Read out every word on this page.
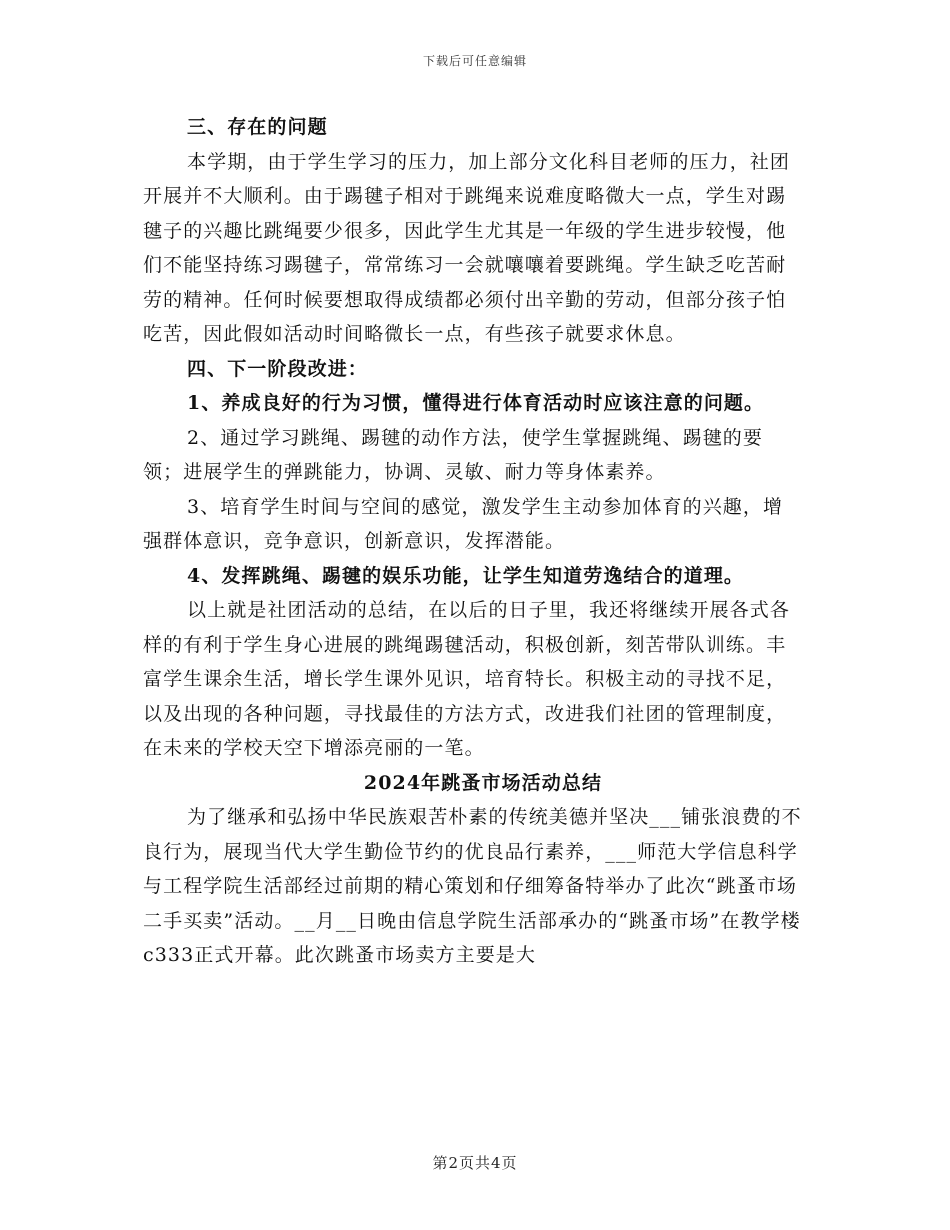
下载后可任意编辑

三、存在的问题

本学期，由于学生学习的压力，加上部分文化科目老师的压力，社团开展并不大顺利。由于踢毽子相对于跳绳来说难度略微大一点，学生对踢毽子的兴趣比跳绳要少很多，因此学生尤其是一年级的学生进步较慢，他们不能坚持练习踢毽子，常常练习一会就嚷嚷着要跳绳。学生缺乏吃苦耐劳的精神。任何时候要想取得成绩都必须付出辛勤的劳动，但部分孩子怕吃苦，因此假如活动时间略微长一点，有些孩子就要求休息。

四、下一阶段改进：

1、养成良好的行为习惯，懂得进行体育活动时应该注意的问题。

2、通过学习跳绳、踢毽的动作方法，使学生掌握跳绳、踢毽的要领；进展学生的弹跳能力，协调、灵敏、耐力等身体素养。

3、培育学生时间与空间的感觉，激发学生主动参加体育的兴趣，增强群体意识，竞争意识，创新意识，发挥潜能。

4、发挥跳绳、踢毽的娱乐功能，让学生知道劳逸结合的道理。

以上就是社团活动的总结，在以后的日子里，我还将继续开展各式各样的有利于学生身心进展的跳绳踢毽活动，积极创新，刻苦带队训练。丰富学生课余生活，增长学生课外见识，培育特长。积极主动的寻找不足，以及出现的各种问题，寻找最佳的方法方式，改进我们社团的管理制度，在未来的学校天空下增添亮丽的一笔。

2024年跳蚤市场活动总结

为了继承和弘扬中华民族艰苦朴素的传统美德并坚决___铺张浪费的不良行为，展现当代大学生勤俭节约的优良品行素养，___师范大学信息科学与工程学院生活部经过前期的精心策划和仔细筹备特举办了此次“跳蚤市场二手买卖”活动。__月__日晚由信息学院生活部承办的“跳蚤市场”在教学楼c333正式开幕。此次跳蚤市场卖方主要是大

第2页共4页
